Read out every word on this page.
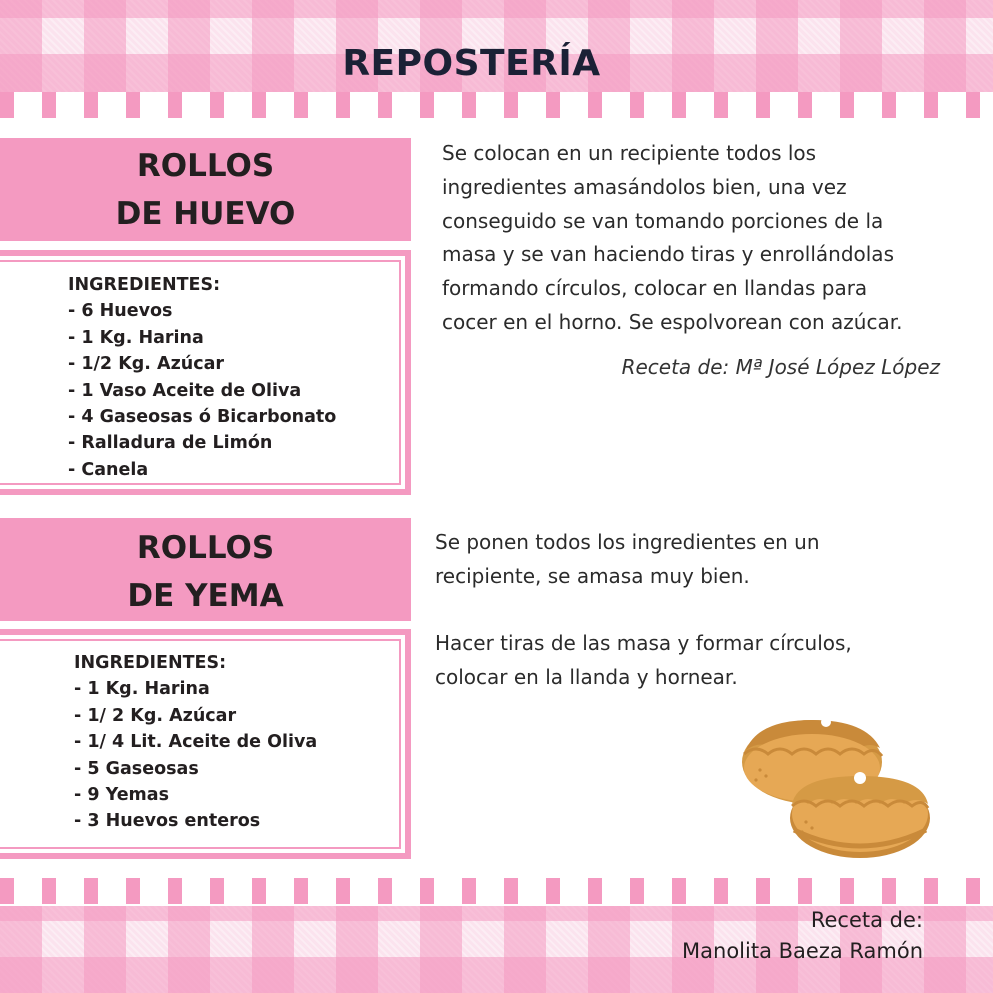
REPOSTERÍA
ROLLOS
DE HUEVO
INGREDIENTES:
- 6 Huevos
- 1 Kg. Harina
- 1/2 Kg. Azúcar
- 1 Vaso Aceite de Oliva
- 4 Gaseosas ó Bicarbonato
- Ralladura de Limón
- Canela
Se colocan en un recipiente todos los
ingredientes amasándolos bien, una vez
conseguido se van tomando porciones de la
masa y se van haciendo tiras y enrollándolas
formando círculos, colocar en llandas para
cocer en el horno. Se espolvorean con azúcar.
Receta de: Mª José López López
ROLLOS
DE YEMA
INGREDIENTES:
- 1 Kg. Harina
- 1/ 2 Kg. Azúcar
- 1/ 4 Lit. Aceite de Oliva
- 5 Gaseosas
- 9 Yemas
- 3 Huevos enteros
Se ponen todos los ingredientes en un
recipiente, se amasa muy bien.
Hacer tiras de las masa y formar círculos,
colocar en la llanda y hornear.
Receta de:
Manolita Baeza Ramón
